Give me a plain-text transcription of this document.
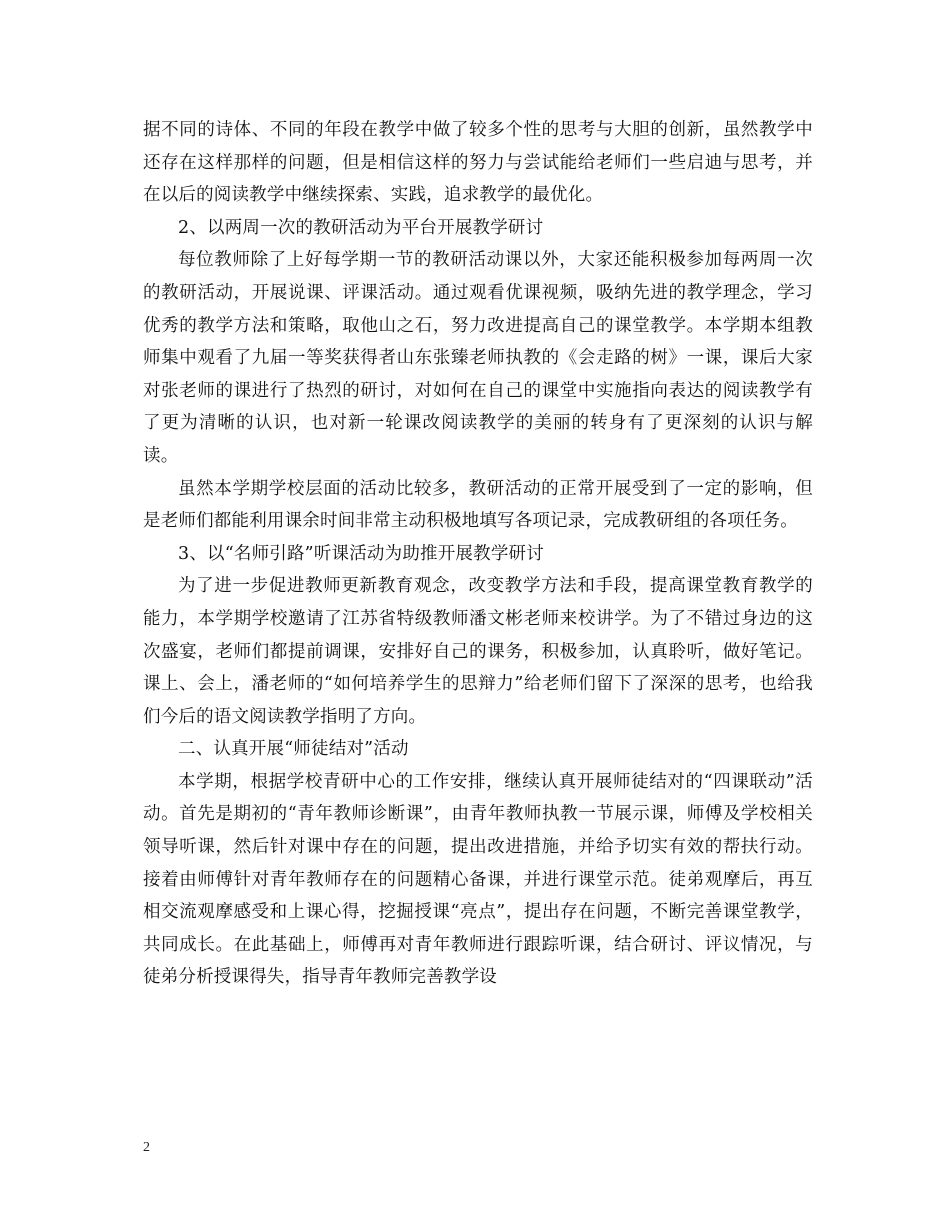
据不同的诗体、不同的年段在教学中做了较多个性的思考与大胆的创新，虽然教学中还存在这样那样的问题，但是相信这样的努力与尝试能给老师们一些启迪与思考，并在以后的阅读教学中继续探索、实践，追求教学的最优化。

2、以两周一次的教研活动为平台开展教学研讨

每位教师除了上好每学期一节的教研活动课以外，大家还能积极参加每两周一次的教研活动，开展说课、评课活动。通过观看优课视频，吸纳先进的教学理念，学习优秀的教学方法和策略，取他山之石，努力改进提高自己的课堂教学。本学期本组教师集中观看了九届一等奖获得者山东张臻老师执教的《会走路的树》一课，课后大家对张老师的课进行了热烈的研讨，对如何在自己的课堂中实施指向表达的阅读教学有了更为清晰的认识，也对新一轮课改阅读教学的美丽的转身有了更深刻的认识与解读。

虽然本学期学校层面的活动比较多，教研活动的正常开展受到了一定的影响，但是老师们都能利用课余时间非常主动积极地填写各项记录，完成教研组的各项任务。

3、以“名师引路”听课活动为助推开展教学研讨

为了进一步促进教师更新教育观念，改变教学方法和手段，提高课堂教育教学的能力，本学期学校邀请了江苏省特级教师潘文彬老师来校讲学。为了不错过身边的这次盛宴，老师们都提前调课，安排好自己的课务，积极参加，认真聆听，做好笔记。课上、会上，潘老师的“如何培养学生的思辩力”给老师们留下了深深的思考，也给我们今后的语文阅读教学指明了方向。

二、认真开展“师徒结对”活动

本学期，根据学校青研中心的工作安排，继续认真开展师徒结对的“四课联动”活动。首先是期初的“青年教师诊断课”，由青年教师执教一节展示课，师傅及学校相关领导听课，然后针对课中存在的问题，提出改进措施，并给予切实有效的帮扶行动。接着由师傅针对青年教师存在的问题精心备课，并进行课堂示范。徒弟观摩后，再互相交流观摩感受和上课心得，挖掘授课“亮点”，提出存在问题，不断完善课堂教学，共同成长。在此基础上，师傅再对青年教师进行跟踪听课，结合研讨、评议情况，与徒弟分析授课得失，指导青年教师完善教学设

2
